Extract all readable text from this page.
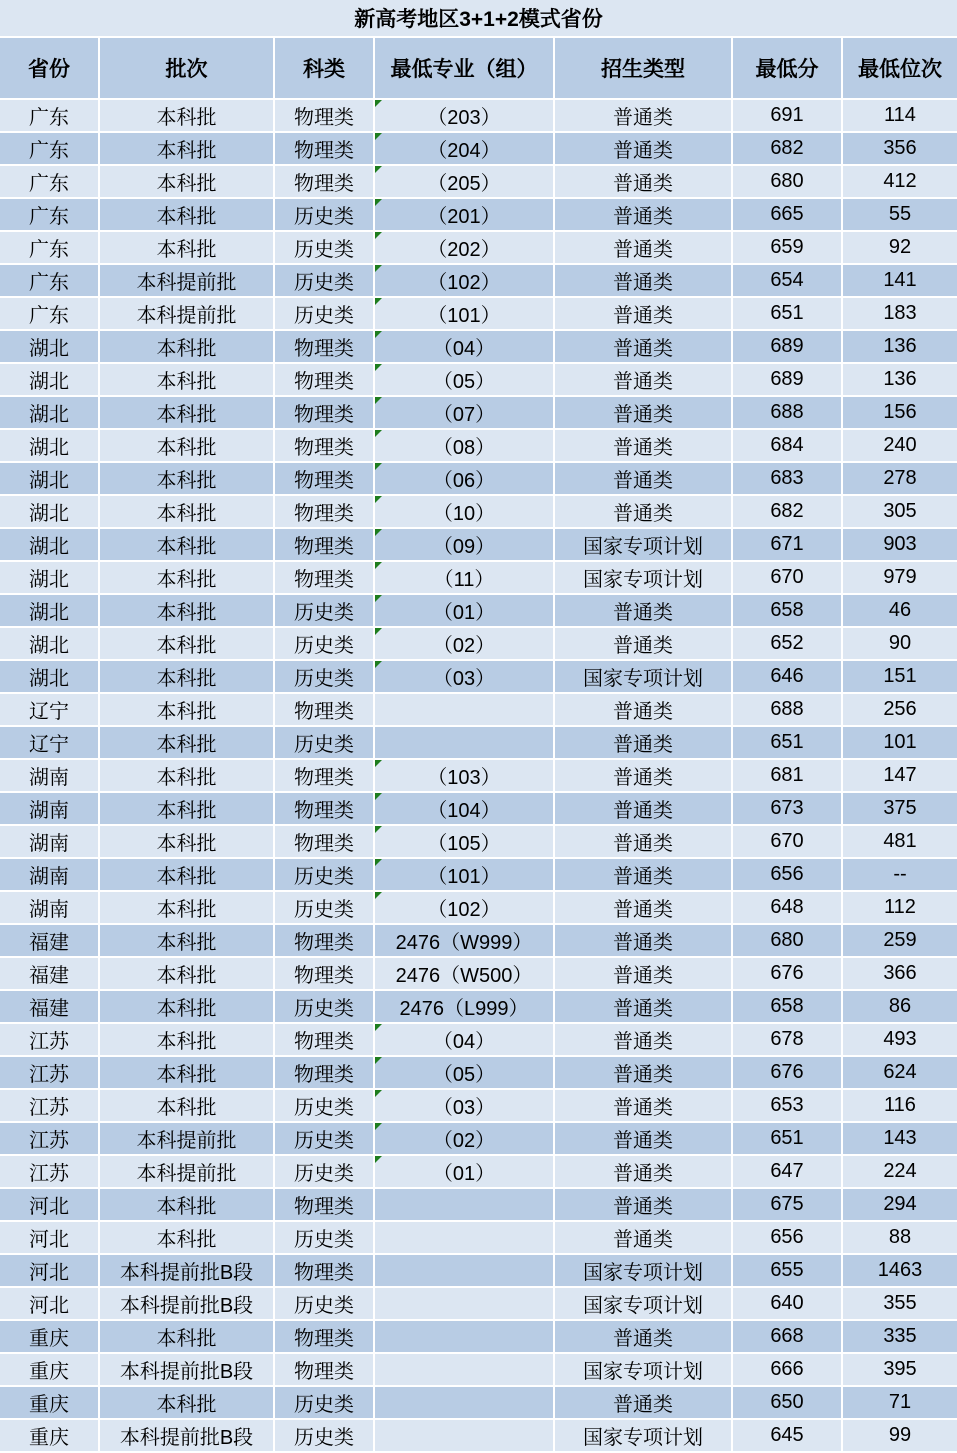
新高考地区3+1+2模式省份
省份	批次	科类	最低专业（组）	招生类型	最低分	最低位次
广东	本科批	物理类	（203）	普通类	691	114
广东	本科批	物理类	（204）	普通类	682	356
广东	本科批	物理类	（205）	普通类	680	412
广东	本科批	历史类	（201）	普通类	665	55
广东	本科批	历史类	（202）	普通类	659	92
广东	本科提前批	历史类	（102）	普通类	654	141
广东	本科提前批	历史类	（101）	普通类	651	183
湖北	本科批	物理类	（04）	普通类	689	136
湖北	本科批	物理类	（05）	普通类	689	136
湖北	本科批	物理类	（07）	普通类	688	156
湖北	本科批	物理类	（08）	普通类	684	240
湖北	本科批	物理类	（06）	普通类	683	278
湖北	本科批	物理类	（10）	普通类	682	305
湖北	本科批	物理类	（09）	国家专项计划	671	903
湖北	本科批	物理类	（11）	国家专项计划	670	979
湖北	本科批	历史类	（01）	普通类	658	46
湖北	本科批	历史类	（02）	普通类	652	90
湖北	本科批	历史类	（03）	国家专项计划	646	151
辽宁	本科批	物理类		普通类	688	256
辽宁	本科批	历史类		普通类	651	101
湖南	本科批	物理类	（103）	普通类	681	147
湖南	本科批	物理类	（104）	普通类	673	375
湖南	本科批	物理类	（105）	普通类	670	481
湖南	本科批	历史类	（101）	普通类	656	--
湖南	本科批	历史类	（102）	普通类	648	112
福建	本科批	物理类	2476（W999）	普通类	680	259
福建	本科批	物理类	2476（W500）	普通类	676	366
福建	本科批	历史类	2476（L999）	普通类	658	86
江苏	本科批	物理类	（04）	普通类	678	493
江苏	本科批	物理类	（05）	普通类	676	624
江苏	本科批	历史类	（03）	普通类	653	116
江苏	本科提前批	历史类	（02）	普通类	651	143
江苏	本科提前批	历史类	（01）	普通类	647	224
河北	本科批	物理类		普通类	675	294
河北	本科批	历史类		普通类	656	88
河北	本科提前批B段	物理类		国家专项计划	655	1463
河北	本科提前批B段	历史类		国家专项计划	640	355
重庆	本科批	物理类		普通类	668	335
重庆	本科提前批B段	物理类		国家专项计划	666	395
重庆	本科批	历史类		普通类	650	71
重庆	本科提前批B段	历史类		国家专项计划	645	99
